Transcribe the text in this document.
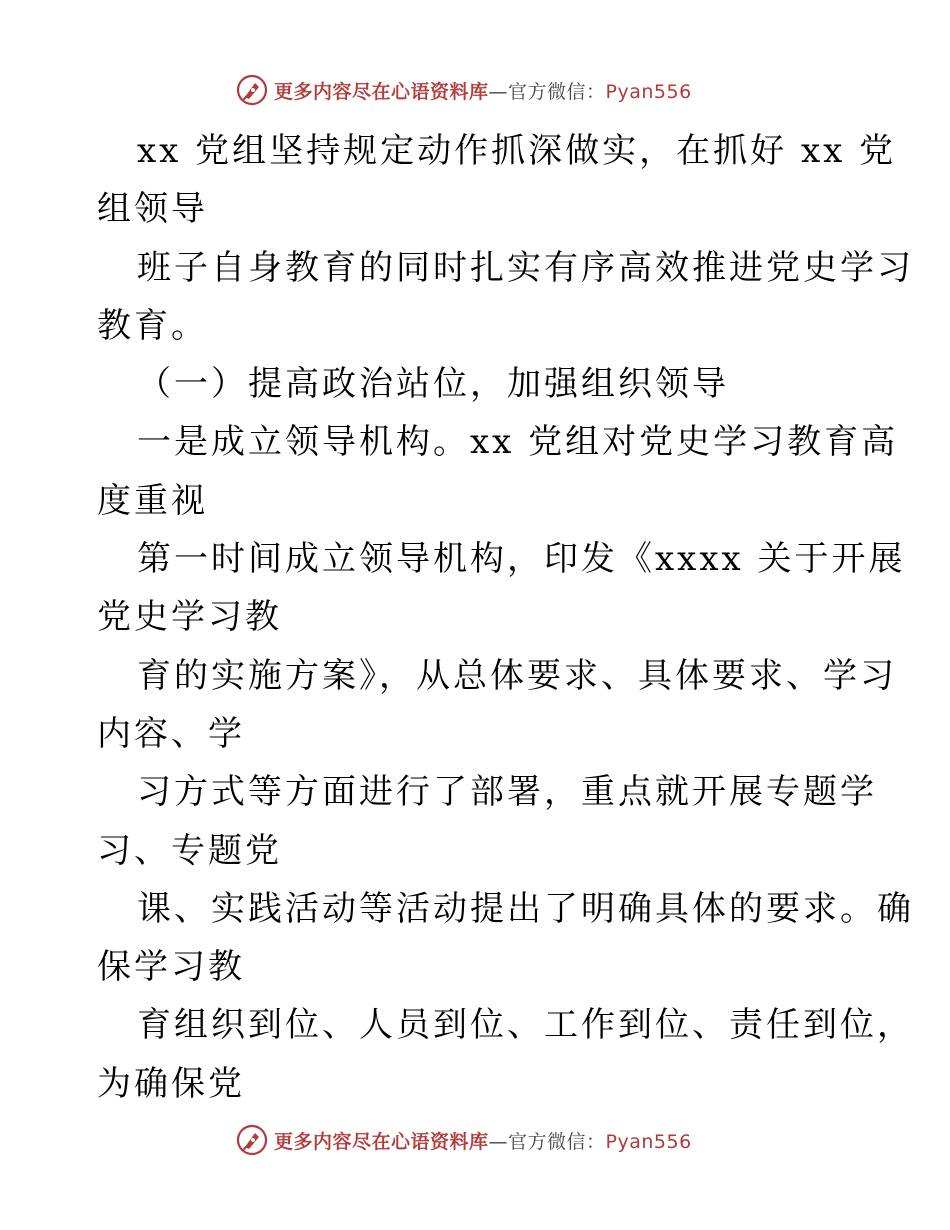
更多内容尽在心语资料库—官方微信：Pyan556
xx 党组坚持规定动作抓深做实，在抓好 xx 党
组领导
班子自身教育的同时扎实有序高效推进党史学习
教育。
（一）提高政治站位，加强组织领导
一是成立领导机构。xx 党组对党史学习教育高
度重视
第一时间成立领导机构，印发《xxxx 关于开展
党史学习教
育的实施方案》，从总体要求、具体要求、学习
内容、学
习方式等方面进行了部署，重点就开展专题学
习、专题党
课、实践活动等活动提出了明确具体的要求。确
保学习教
育组织到位、人员到位、工作到位、责任到位，
为确保党
更多内容尽在心语资料库—官方微信：Pyan556
